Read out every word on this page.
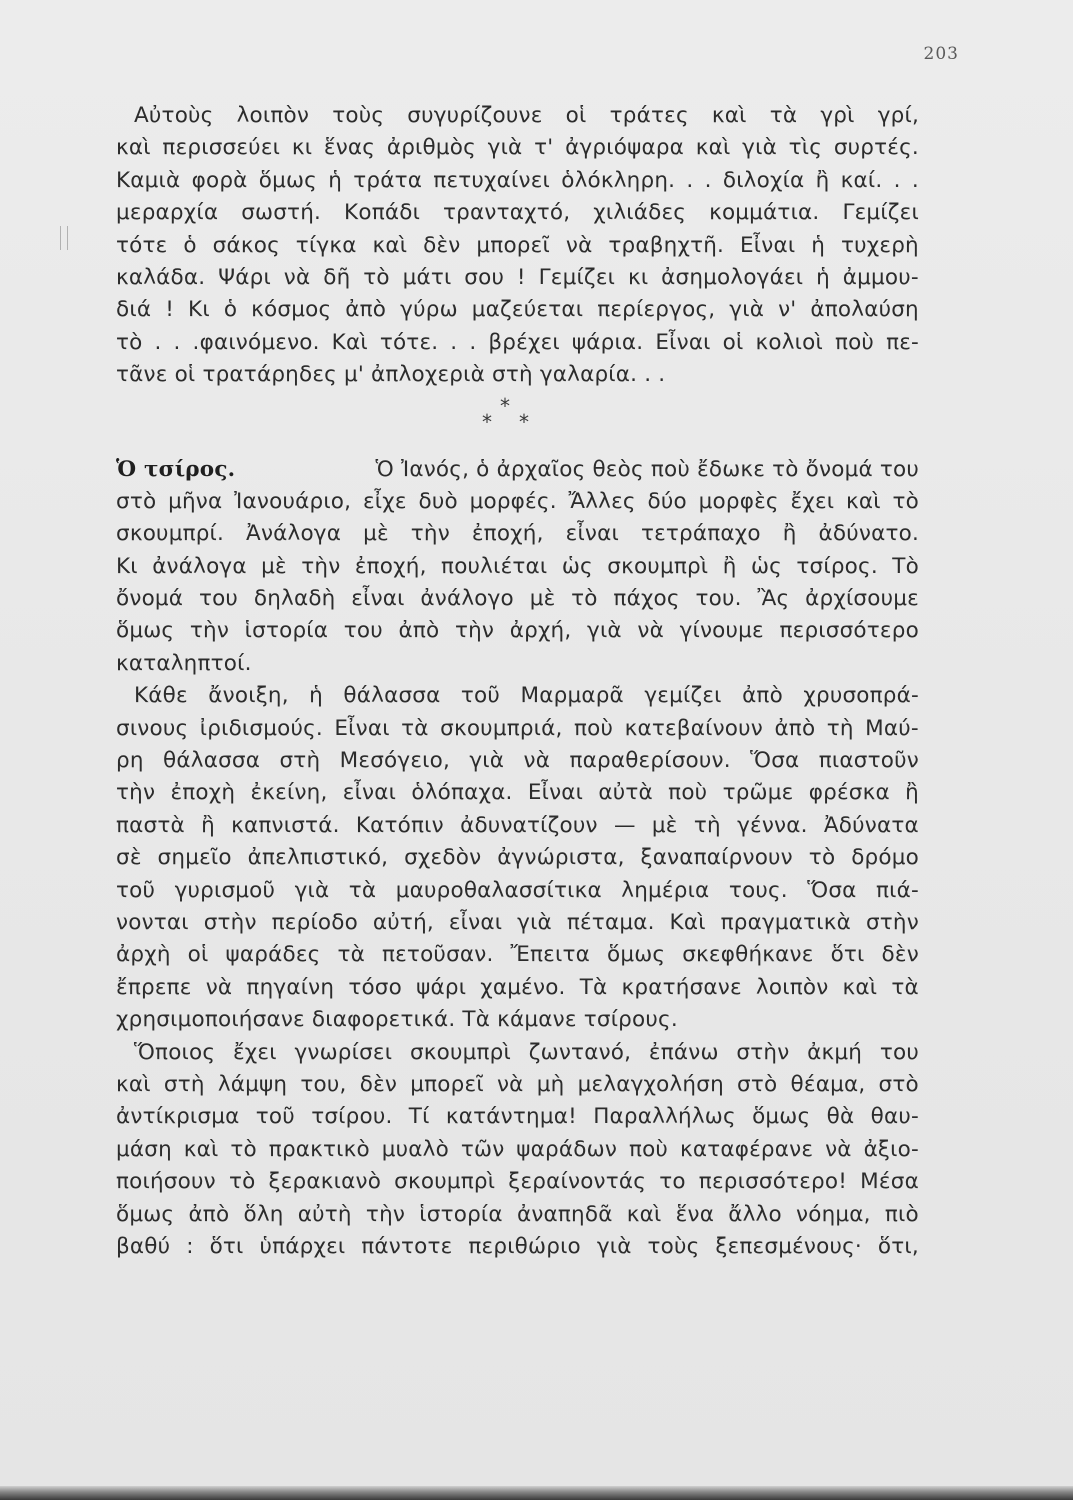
203
Αὐτοὺς λοιπὸν τοὺς συγυρίζουνε οἱ τράτες καὶ τὰ γρὶ γρί,
καὶ περισσεύει κι ἕνας ἀριθμὸς γιὰ τ' ἀγριόψαρα καὶ γιὰ τὶς συρτές.
Καμιὰ φορὰ ὅμως ἡ τράτα πετυχαίνει ὁλόκληρη. . . διλοχία ἢ καί. . .
μεραρχία σωστή. Κοπάδι τρανταχτό, χιλιάδες κομμάτια. Γεμίζει
τότε ὁ σάκος τίγκα καὶ δὲν μπορεῖ νὰ τραβηχτῆ. Εἶναι ἡ τυχερὴ
καλάδα. Ψάρι νὰ δῆ τὸ μάτι σου ! Γεμίζει κι ἀσημολογάει ἡ ἀμμου-
διά ! Κι ὁ κόσμος ἀπὸ γύρω μαζεύεται περίεργος, γιὰ ν' ἀπολαύση
τὸ . . .φαινόμενο. Καὶ τότε. . . βρέχει ψάρια. Εἶναι οἱ κολιοὶ ποὺ πε-
τᾶνε οἱ τρατάρηδες μ' ἀπλοχεριὰ στὴ γαλαρία. . .
*
* *
Ὁ τσίρος.	Ὁ Ἰανός, ὁ ἀρχαῖος θεὸς ποὺ ἔδωκε τὸ ὄνομά του
στὸ μῆνα Ἰανουάριο, εἶχε δυὸ μορφές. Ἄλλες δύο μορφὲς ἔχει καὶ τὸ
σκουμπρί. Ἀνάλογα μὲ τὴν ἐποχή, εἶναι τετράπαχο ἢ ἀδύνατο.
Κι ἀνάλογα μὲ τὴν ἐποχή, πουλιέται ὡς σκουμπρὶ ἢ ὡς τσίρος. Τὸ
ὄνομά του δηλαδὴ εἶναι ἀνάλογο μὲ τὸ πάχος του. Ἂς ἀρχίσουμε
ὅμως τὴν ἱστορία του ἀπὸ τὴν ἀρχή, γιὰ νὰ γίνουμε περισσότερο
καταληπτοί.
Κάθε ἄνοιξη, ἡ θάλασσα τοῦ Μαρμαρᾶ γεμίζει ἀπὸ χρυσοπρά-
σινους ἰριδισμούς. Εἶναι τὰ σκουμπριά, ποὺ κατεβαίνουν ἀπὸ τὴ Μαύ-
ρη θάλασσα στὴ Μεσόγειο, γιὰ νὰ παραθερίσουν. Ὅσα πιαστοῦν
τὴν ἐποχὴ ἐκείνη, εἶναι ὁλόπαχα. Εἶναι αὐτὰ ποὺ τρῶμε φρέσκα ἢ
παστὰ ἢ καπνιστά. Κατόπιν ἀδυνατίζουν — μὲ τὴ γέννα. Ἀδύνατα
σὲ σημεῖο ἀπελπιστικό, σχεδὸν ἀγνώριστα, ξαναπαίρνουν τὸ δρόμο
τοῦ γυρισμοῦ γιὰ τὰ μαυροθαλασσίτικα λημέρια τους. Ὅσα πιά-
νονται στὴν περίοδο αὐτή, εἶναι γιὰ πέταμα. Καὶ πραγματικὰ στὴν
ἀρχὴ οἱ ψαράδες τὰ πετοῦσαν. Ἔπειτα ὅμως σκεφθήκανε ὅτι δὲν
ἔπρεπε νὰ πηγαίνη τόσο ψάρι χαμένο. Τὰ κρατήσανε λοιπὸν καὶ τὰ
χρησιμοποιήσανε διαφορετικά. Τὰ κάμανε τσίρους.
Ὅποιος ἔχει γνωρίσει σκουμπρὶ ζωντανό, ἐπάνω στὴν ἀκμή του
καὶ στὴ λάμψη του, δὲν μπορεῖ νὰ μὴ μελαγχολήση στὸ θέαμα, στὸ
ἀντίκρισμα τοῦ τσίρου. Τί κατάντημα! Παραλλήλως ὅμως θὰ θαυ-
μάση καὶ τὸ πρακτικὸ μυαλὸ τῶν ψαράδων ποὺ καταφέρανε νὰ ἀξιο-
ποιήσουν τὸ ξερακιανὸ σκουμπρὶ ξεραίνοντάς το περισσότερο! Μέσα
ὅμως ἀπὸ ὅλη αὐτὴ τὴν ἱστορία ἀναπηδᾶ καὶ ἕνα ἄλλο νόημα, πιὸ
βαθύ : ὅτι ὑπάρχει πάντοτε περιθώριο γιὰ τοὺς ξεπεσμένους· ὅτι,
